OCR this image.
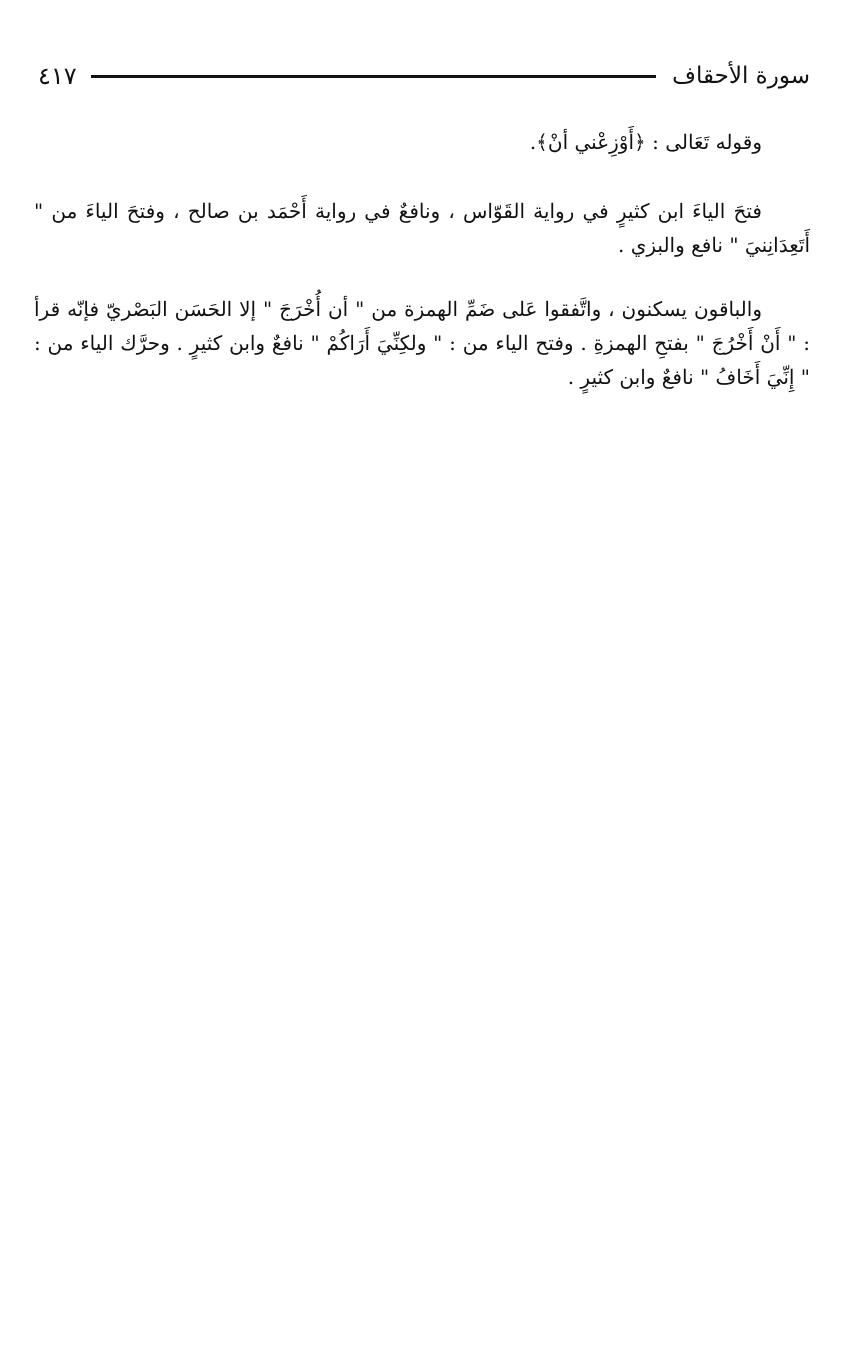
٤١٧	سورة الأحقاف

وقوله تَعَالى : ﴿أَوْزِعْني أنْ﴾.

فتحَ الياءَ ابن كثيرٍ في رواية القَوّاس ، ونافعٌ في رواية أَحْمَد بن صالح ، وفتحَ الياءَ من " أَتَعِدَانِنيَ " نافع والبزي .

والباقون يسكنون ، واتَّفقوا عَلى ضَمِّ الهمزة من " أن أُخْرَجَ " إلا الحَسَن البَصْريّ فإنّه قرأ : " أَنْ أَخْرُجَ " بفتحِ الهمزةِ . وفتح الياء من : " ولكِنِّيَ أَرَاكُمْ " نافعٌ وابن كثيرٍ . وحرَّك الياء من : " إِنِّيَ أَخَافُ " نافعٌ وابن كثيرٍ .
